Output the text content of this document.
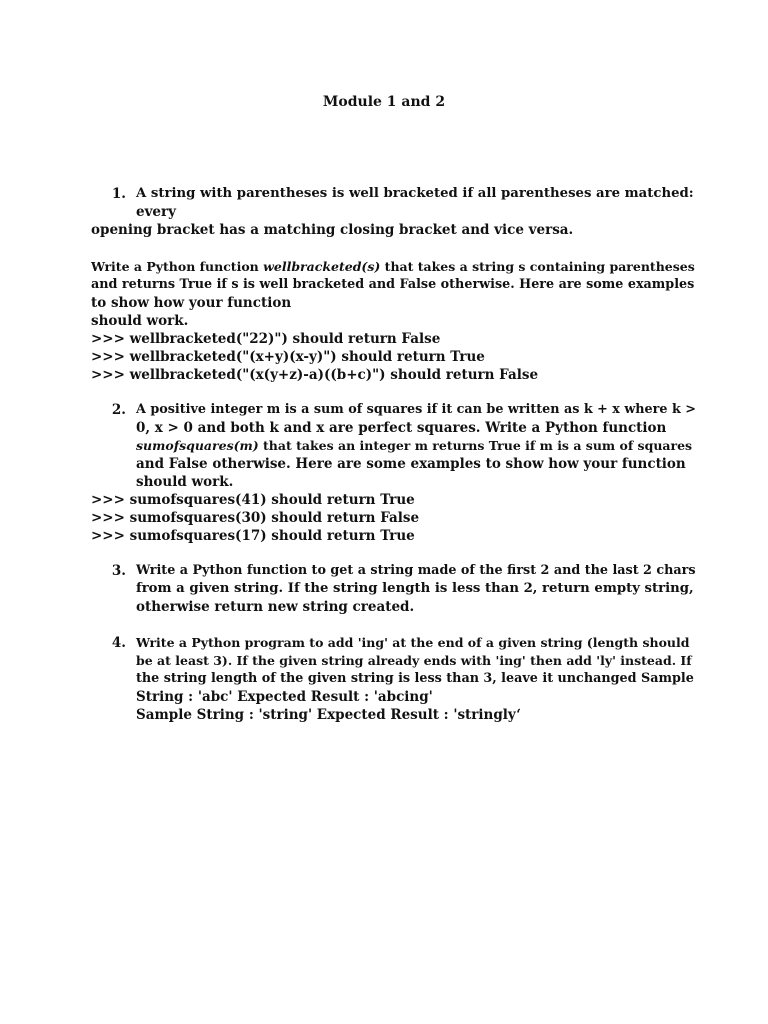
Module 1 and 2
1. A string with parentheses is well bracketed if all parentheses are matched:
every
opening bracket has a matching closing bracket and vice versa.
Write a Python function wellbracketed(s) that takes a string s containing parentheses
and returns True if s is well bracketed and False otherwise. Here are some examples
to show how your function
should work.
>>> wellbracketed("22)") should return False
>>> wellbracketed("(x+y)(x-y)") should return True
>>> wellbracketed("(x(y+z)-a)((b+c)") should return False
2. A positive integer m is a sum of squares if it can be written as k + x where k >
0, x > 0 and both k and x are perfect squares. Write a Python function
sumofsquares(m) that takes an integer m returns True if m is a sum of squares
and False otherwise. Here are some examples to show how your function
should work.
>>> sumofsquares(41) should return True
>>> sumofsquares(30) should return False
>>> sumofsquares(17) should return True
3. Write a Python function to get a string made of the first 2 and the last 2 chars
from a given string. If the string length is less than 2, return empty string,
otherwise return new string created.
4. Write a Python program to add 'ing' at the end of a given string (length should
be at least 3). If the given string already ends with 'ing' then add 'ly' instead. If
the string length of the given string is less than 3, leave it unchanged Sample
String : 'abc' Expected Result : 'abcing'
Sample String : 'string' Expected Result : 'stringly‘
